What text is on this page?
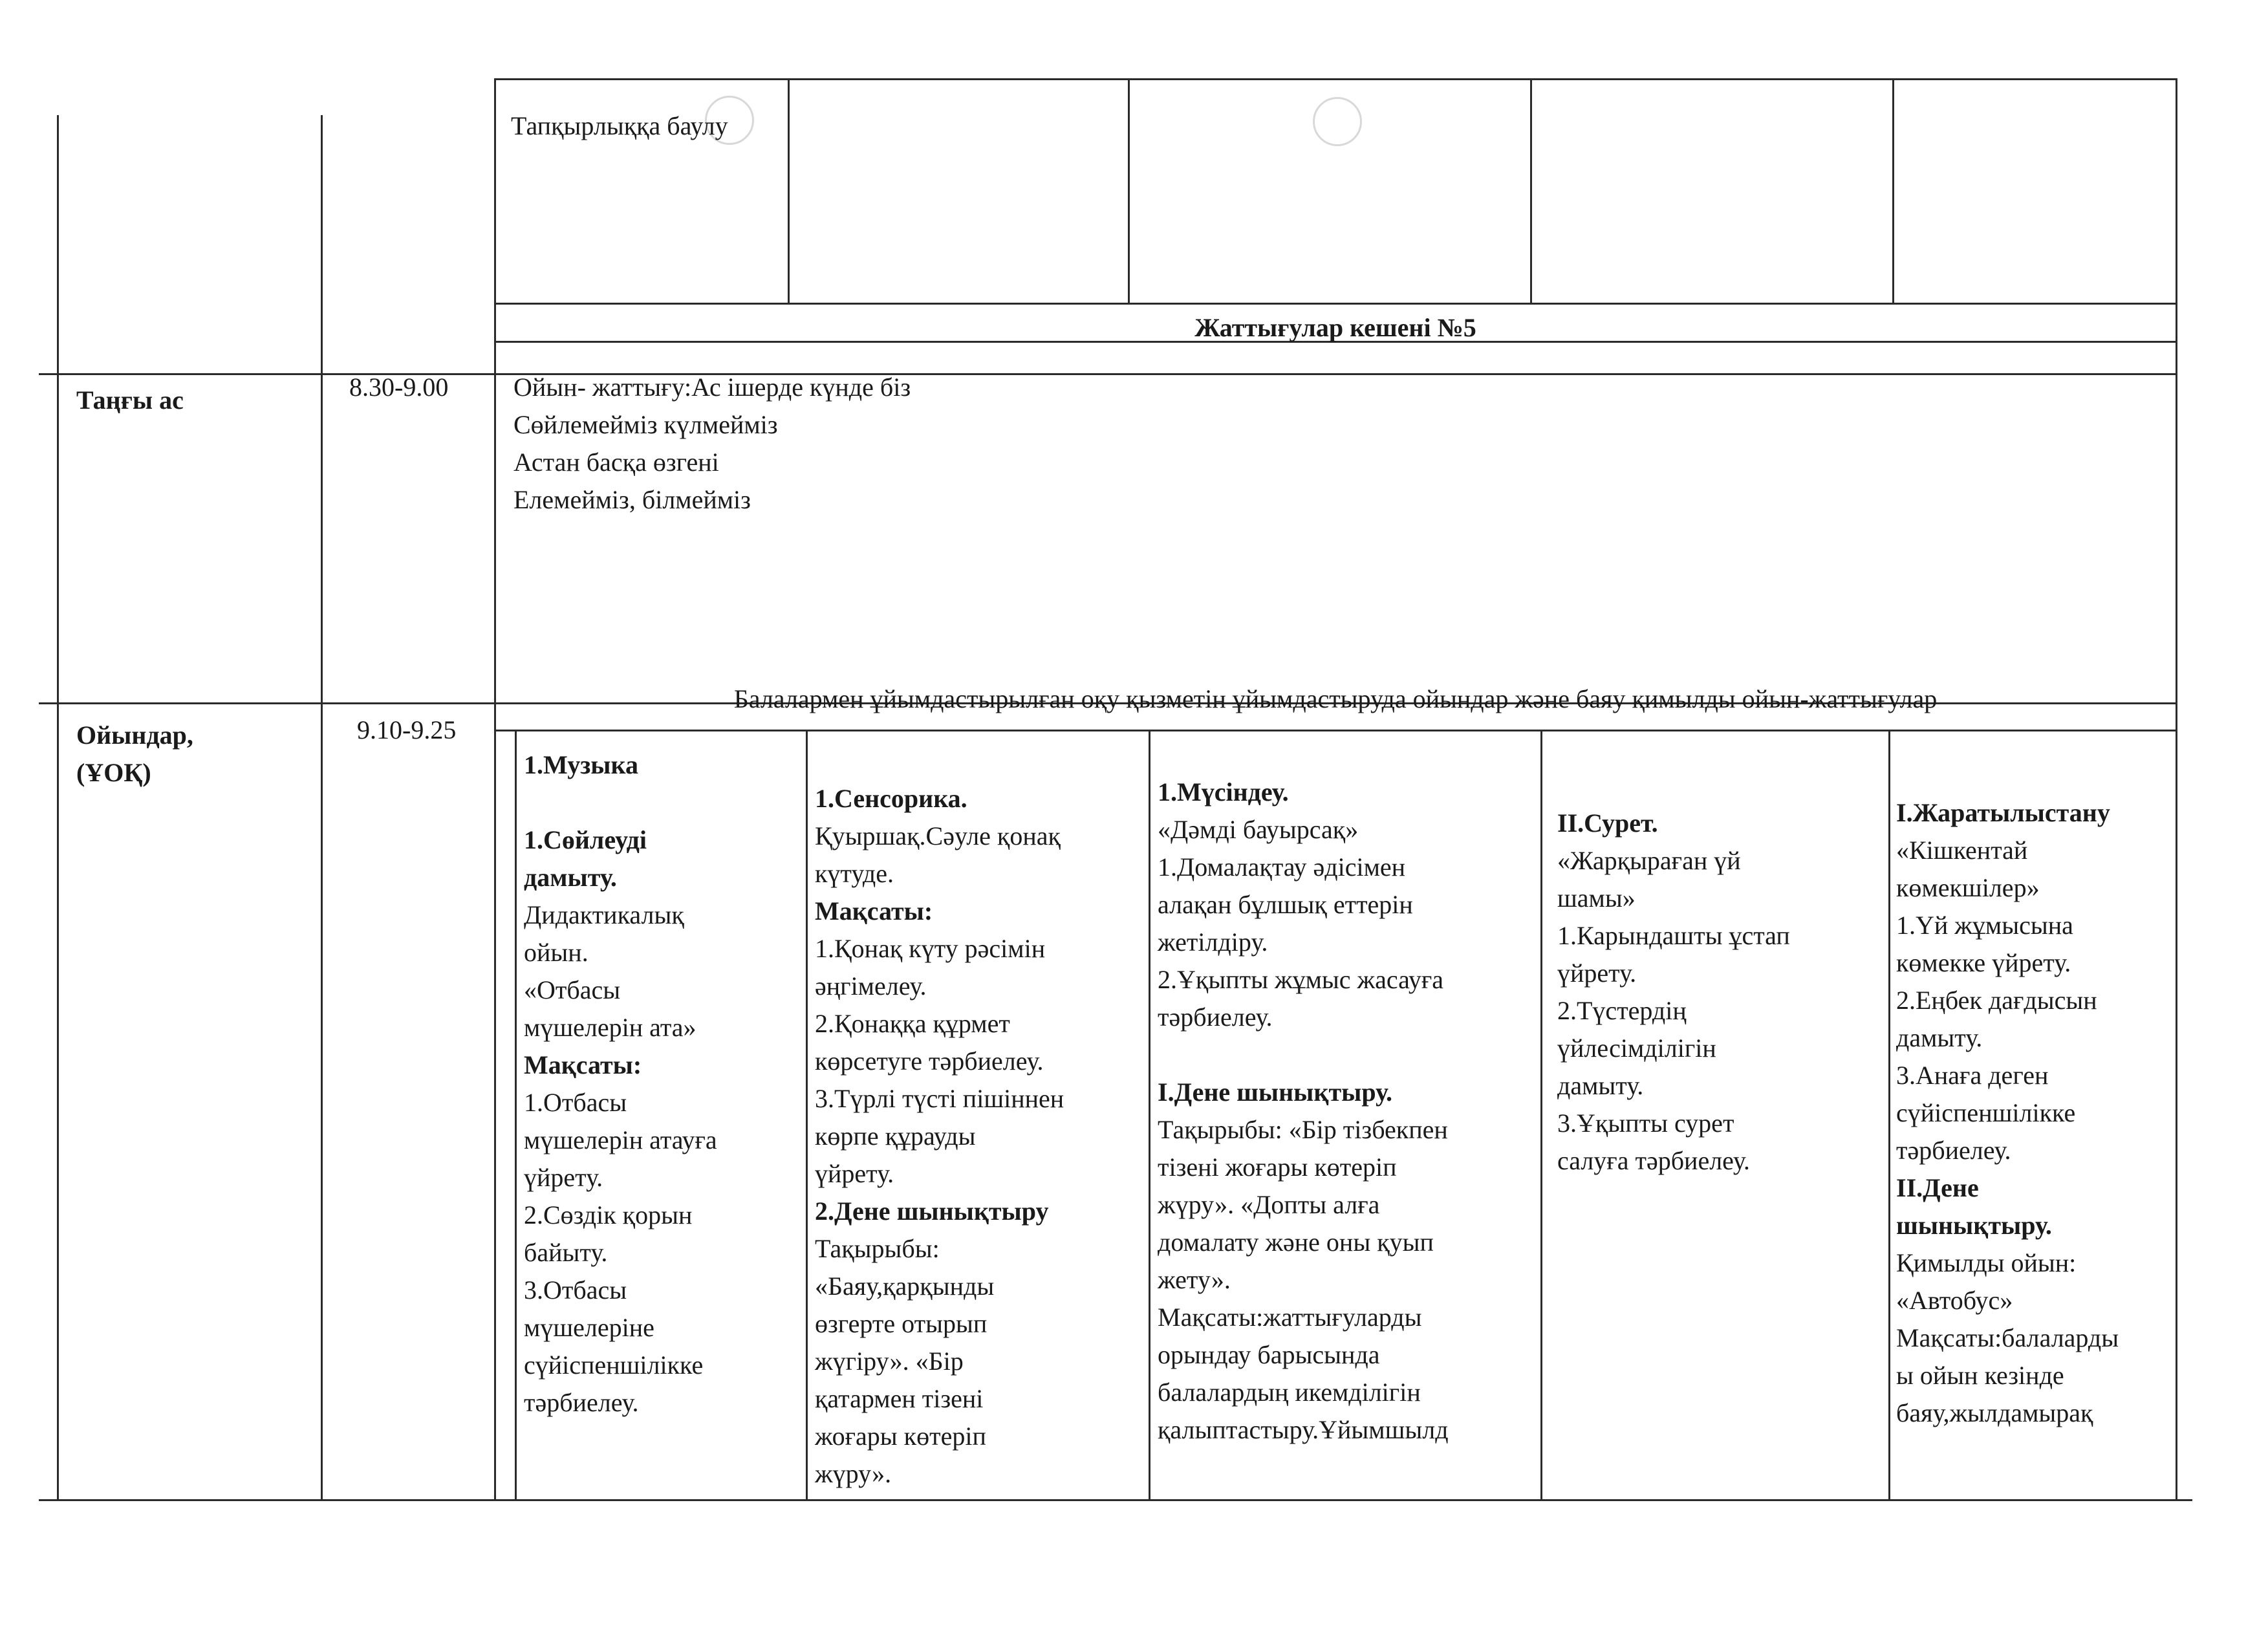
Тапқырлыққа баулу
Жаттығулар кешені №5
Таңғы ас	8.30-9.00	Ойын- жаттығу:Ас ішерде күнде біз
Сөйлемейміз күлмейміз
Астан басқа өзгені
Елемейміз, білмейміз
Ойындар,
(ҰОҚ)
9.10-9.25
Балалармен ұйымдастырылған оқу қызметін ұйымдастыруда ойындар және баяу қимылды ойын-жаттығулар
1.Музыка

1.Сөйлеуді
дамыту.
Дидактикалық
ойын.
«Отбасы
мүшелерін ата»
Мақсаты:
1.Отбасы
мүшелерін атауға
үйрету.
2.Сөздік қорын
байыту.
3.Отбасы
мүшелеріне
сүйіспеншілікке
тәрбиелеу.
1.Сенсорика.
Қуыршақ.Сәуле қонақ
күтуде.
Мақсаты:
1.Қонақ күту рәсімін
әңгімелеу.
2.Қонаққа құрмет
көрсетуге тәрбиелеу.
3.Түрлі түсті пішіннен
көрпе құрауды
үйрету.
2.Дене шынықтыру
Тақырыбы:
«Баяу,қарқынды
өзгерте отырып
жүгіру». «Бір
қатармен тізені
жоғары көтеріп
жүру».
1.Мүсіндеу.
«Дәмді бауырсақ»
1.Домалақтау әдісімен
алақан бұлшық еттерін
жетілдіру.
2.Ұқыпты жұмыс жасауға
тәрбиелеу.

І.Дене шынықтыру.
Тақырыбы: «Бір тізбекпен
тізені жоғары көтеріп
жүру». «Допты алға
домалату және оны қуып
жету».
Мақсаты:жаттығуларды
орындау барысында
балалардың икемділігін
қалыптастыру.Ұйымшылд
ІІ.Сурет.
«Жарқыраған үй
шамы»
1.Карындашты ұстап
үйрету.
2.Түстердің
үйлесімділігін
дамыту.
3.Ұқыпты сурет
салуға тәрбиелеу.
І.Жаратылыстану
«Кішкентай
көмекшілер»
1.Үй жұмысына
көмекке үйрету.
2.Еңбек дағдысын
дамыту.
3.Анаға деген
сүйіспеншілікке
тәрбиелеу.
ІІ.Дене
шынықтыру.
Қимылды ойын:
«Автобус»
Мақсаты:балаларды
ы ойын кезінде
баяу,жылдамырақ
